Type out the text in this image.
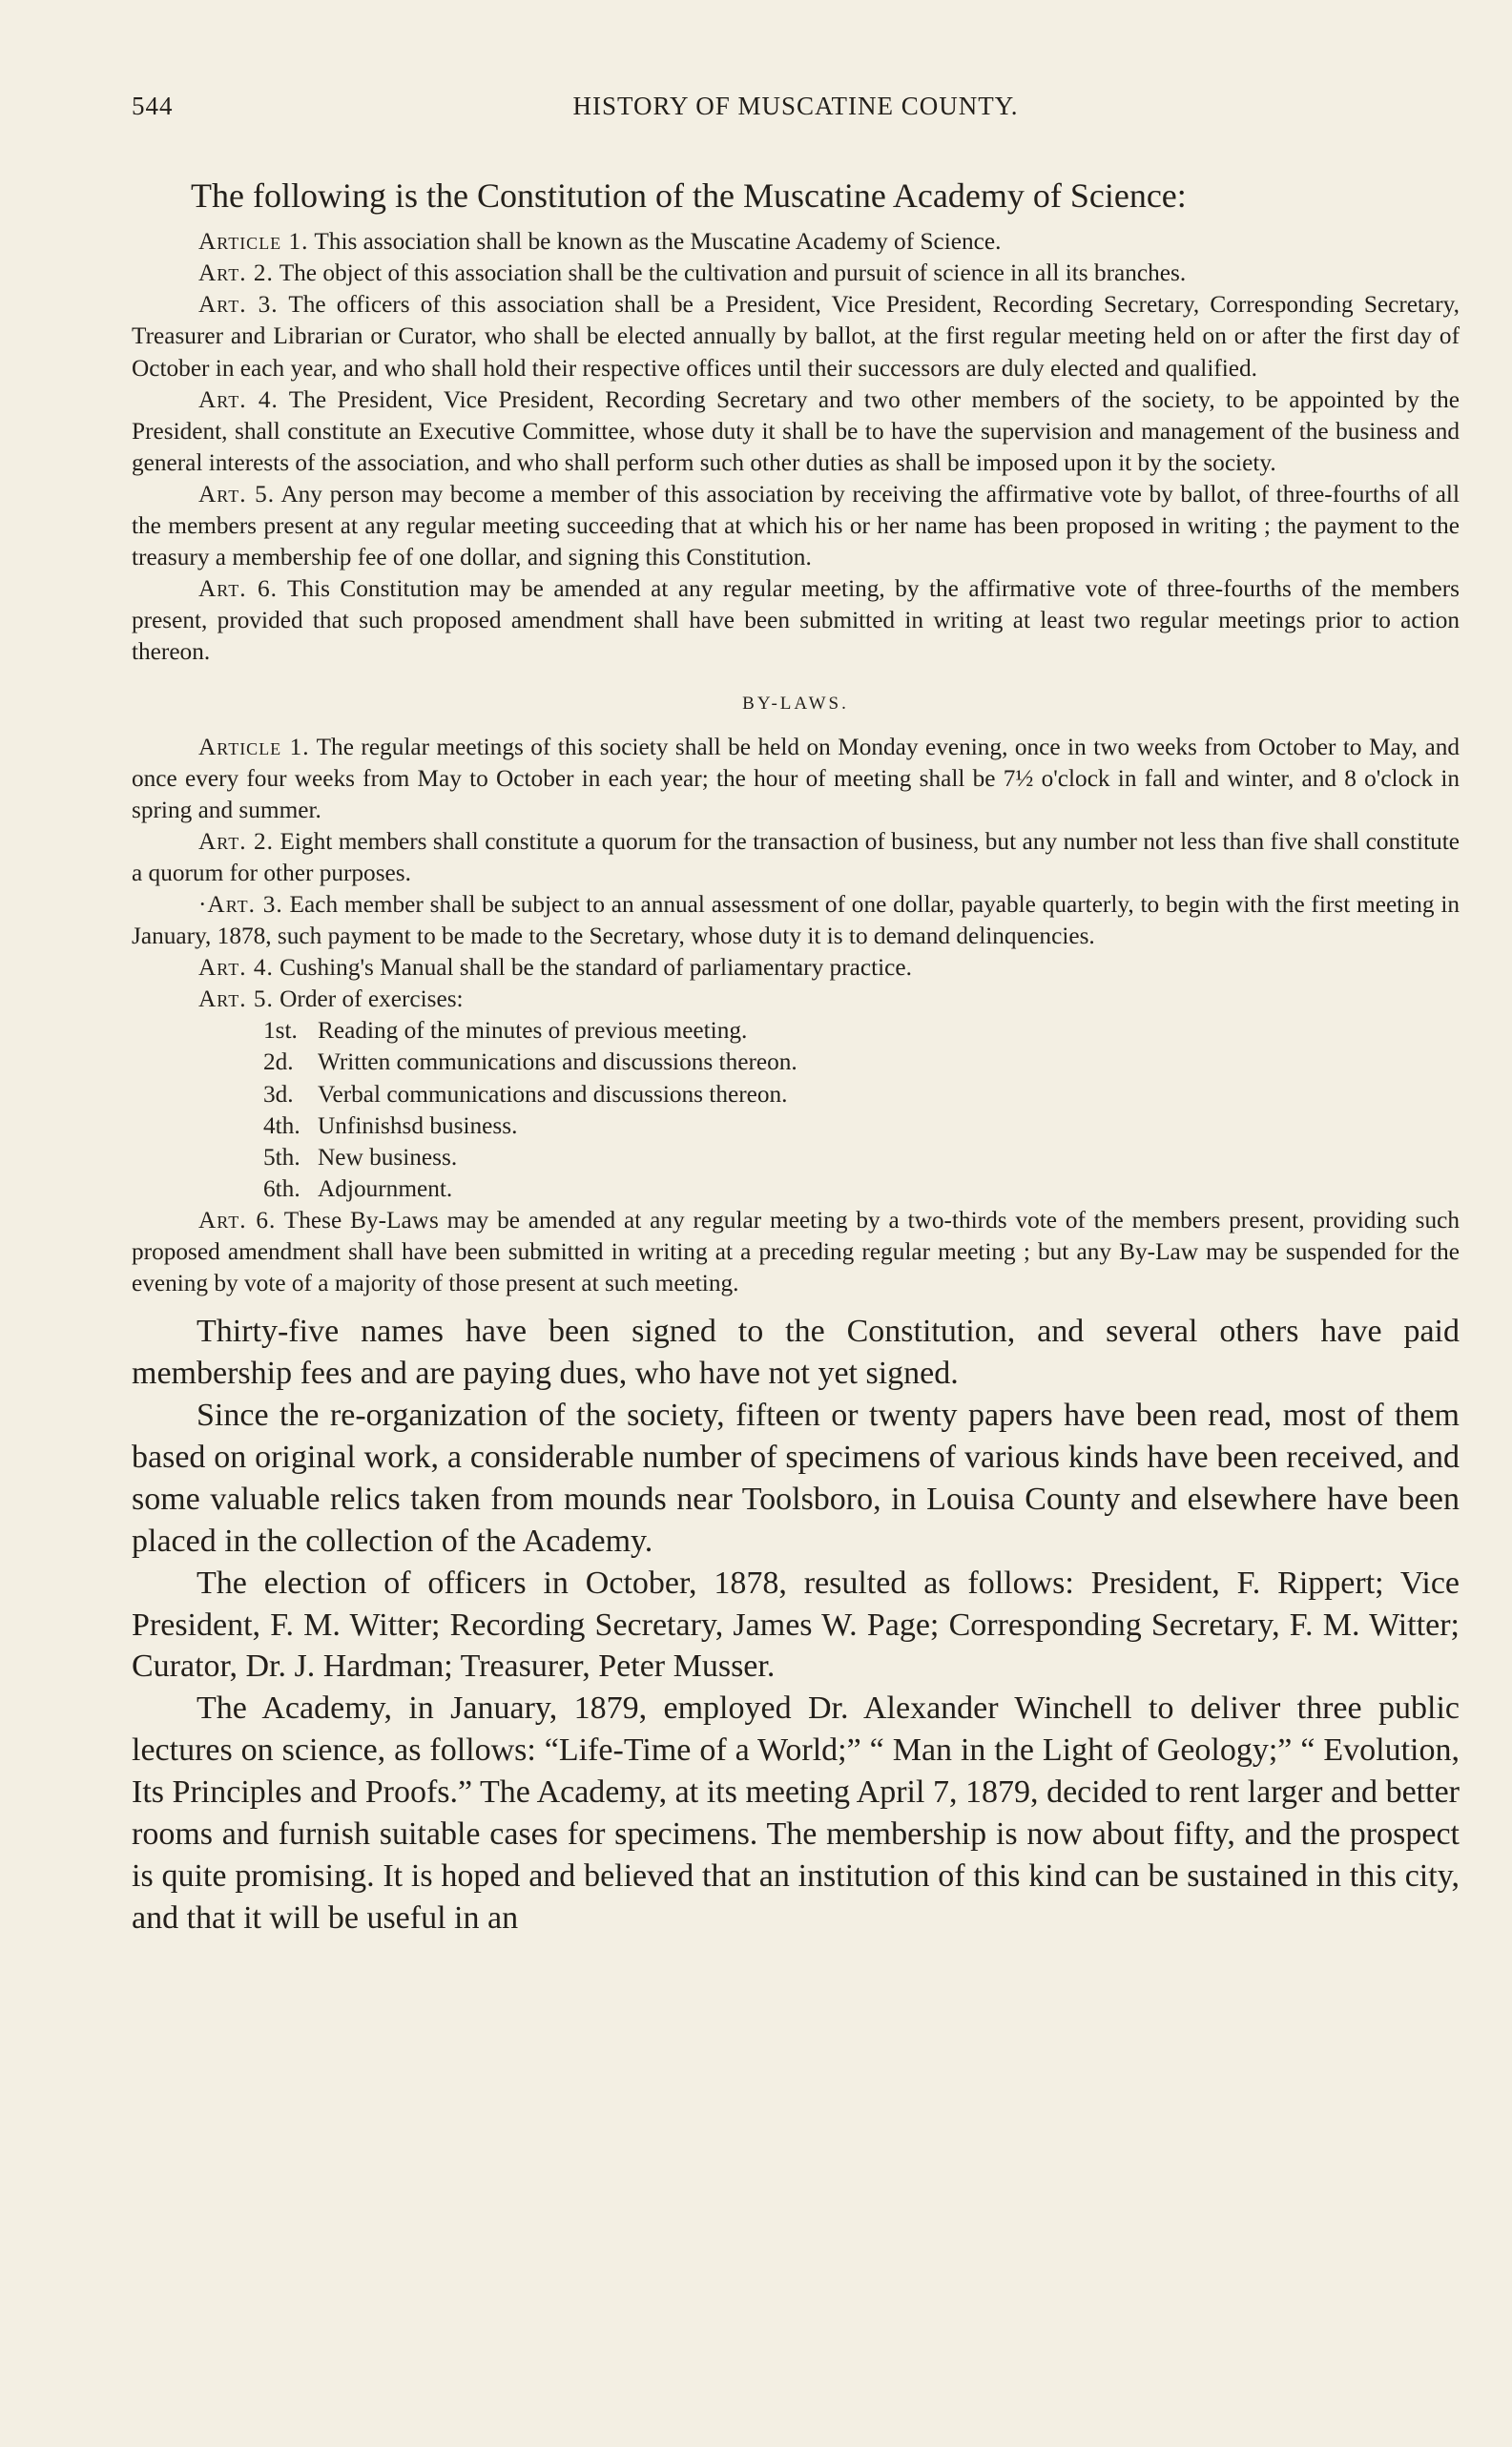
544	HISTORY OF MUSCATINE COUNTY.
The following is the Constitution of the Muscatine Academy of Science:

Article 1. This association shall be known as the Muscatine Academy of Science.

Art. 2. The object of this association shall be the cultivation and pursuit of science in all its branches.

Art. 3. The officers of this association shall be a President, Vice President, Recording Secretary, Corresponding Secretary, Treasurer and Librarian or Curator, who shall be elected annually by ballot, at the first regular meeting held on or after the first day of October in each year, and who shall hold their respective offices until their successors are duly elected and qualified.

Art. 4. The President, Vice President, Recording Secretary and two other members of the society, to be appointed by the President, shall constitute an Executive Committee, whose duty it shall be to have the supervision and management of the business and general interests of the association, and who shall perform such other duties as shall be imposed upon it by the society.

Art. 5. Any person may become a member of this association by receiving the affirmative vote by ballot, of three-fourths of all the members present at any regular meeting succeeding that at which his or her name has been proposed in writing ; the payment to the treasury a membership fee of one dollar, and signing this Constitution.

Art. 6. This Constitution may be amended at any regular meeting, by the affirmative vote of three-fourths of the members present, provided that such proposed amendment shall have been submitted in writing at least two regular meetings prior to action thereon.

BY-LAWS.

Article 1. The regular meetings of this society shall be held on Monday evening, once in two weeks from October to May, and once every four weeks from May to October in each year; the hour of meeting shall be 7½ o'clock in fall and winter, and 8 o'clock in spring and summer.

Art. 2. Eight members shall constitute a quorum for the transaction of business, but any number not less than five shall constitute a quorum for other purposes.

·Art. 3. Each member shall be subject to an annual assessment of one dollar, payable quarterly, to begin with the first meeting in January, 1878, such payment to be made to the Secretary, whose duty it is to demand delinquencies.

Art. 4. Cushing's Manual shall be the standard of parliamentary practice.

Art. 5. Order of exercises:

1st. Reading of the minutes of previous meeting.
2d. Written communications and discussions thereon.
3d. Verbal communications and discussions thereon.
4th. Unfinishsd business.
5th. New business.
6th. Adjournment.

Art. 6. These By-Laws may be amended at any regular meeting by a two-thirds vote of the members present, providing such proposed amendment shall have been submitted in writing at a preceding regular meeting ; but any By-Law may be suspended for the evening by vote of a majority of those present at such meeting.

Thirty-five names have been signed to the Constitution, and several others have paid membership fees and are paying dues, who have not yet signed.

Since the re-organization of the society, fifteen or twenty papers have been read, most of them based on original work, a considerable number of specimens of various kinds have been received, and some valuable relics taken from mounds near Toolsboro, in Louisa County and elsewhere have been placed in the collection of the Academy.

The election of officers in October, 1878, resulted as follows: President, F. Rippert; Vice President, F. M. Witter; Recording Secretary, James W. Page; Corresponding Secretary, F. M. Witter; Curator, Dr. J. Hardman; Treasurer, Peter Musser.

The Academy, in January, 1879, employed Dr. Alexander Winchell to deliver three public lectures on science, as follows: “Life-Time of a World;” “ Man in the Light of Geology;” “ Evolution, Its Principles and Proofs.” The Academy, at its meeting April 7, 1879, decided to rent larger and better rooms and furnish suitable cases for specimens. The membership is now about fifty, and the prospect is quite promising. It is hoped and believed that an institution of this kind can be sustained in this city, and that it will be useful in an
